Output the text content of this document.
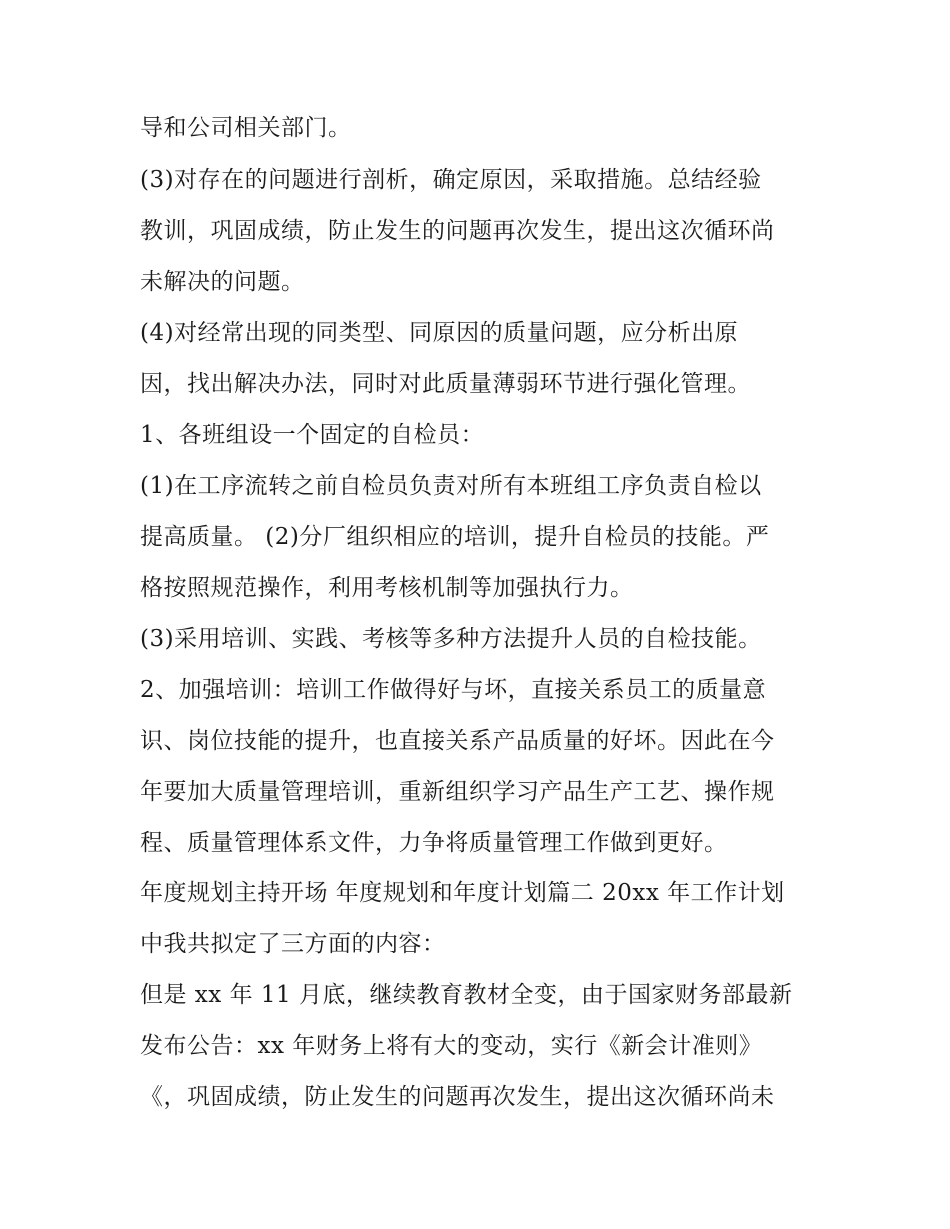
导和公司相关部门。
(3)对存在的问题进行剖析，确定原因，采取措施。总结经验
教训，巩固成绩，防止发生的问题再次发生，提出这次循环尚
未解决的问题。
(4)对经常出现的同类型、同原因的质量问题，应分析出原
因，找出解决办法，同时对此质量薄弱环节进行强化管理。
1、各班组设一个固定的自检员：
(1)在工序流转之前自检员负责对所有本班组工序负责自检以
提高质量。 (2)分厂组织相应的培训，提升自检员的技能。严
格按照规范操作，利用考核机制等加强执行力。
(3)采用培训、实践、考核等多种方法提升人员的自检技能。
2、加强培训：培训工作做得好与坏，直接关系员工的质量意
识、岗位技能的提升，也直接关系产品质量的好坏。因此在今
年要加大质量管理培训，重新组织学习产品生产工艺、操作规
程、质量管理体系文件，力争将质量管理工作做到更好。
年度规划主持开场 年度规划和年度计划篇二 20xx 年工作计划
中我共拟定了三方面的内容：
但是 xx 年 11 月底，继续教育教材全变，由于国家财务部最新
发布公告：xx 年财务上将有大的变动，实行《新会计准则》
《，巩固成绩，防止发生的问题再次发生，提出这次循环尚未
